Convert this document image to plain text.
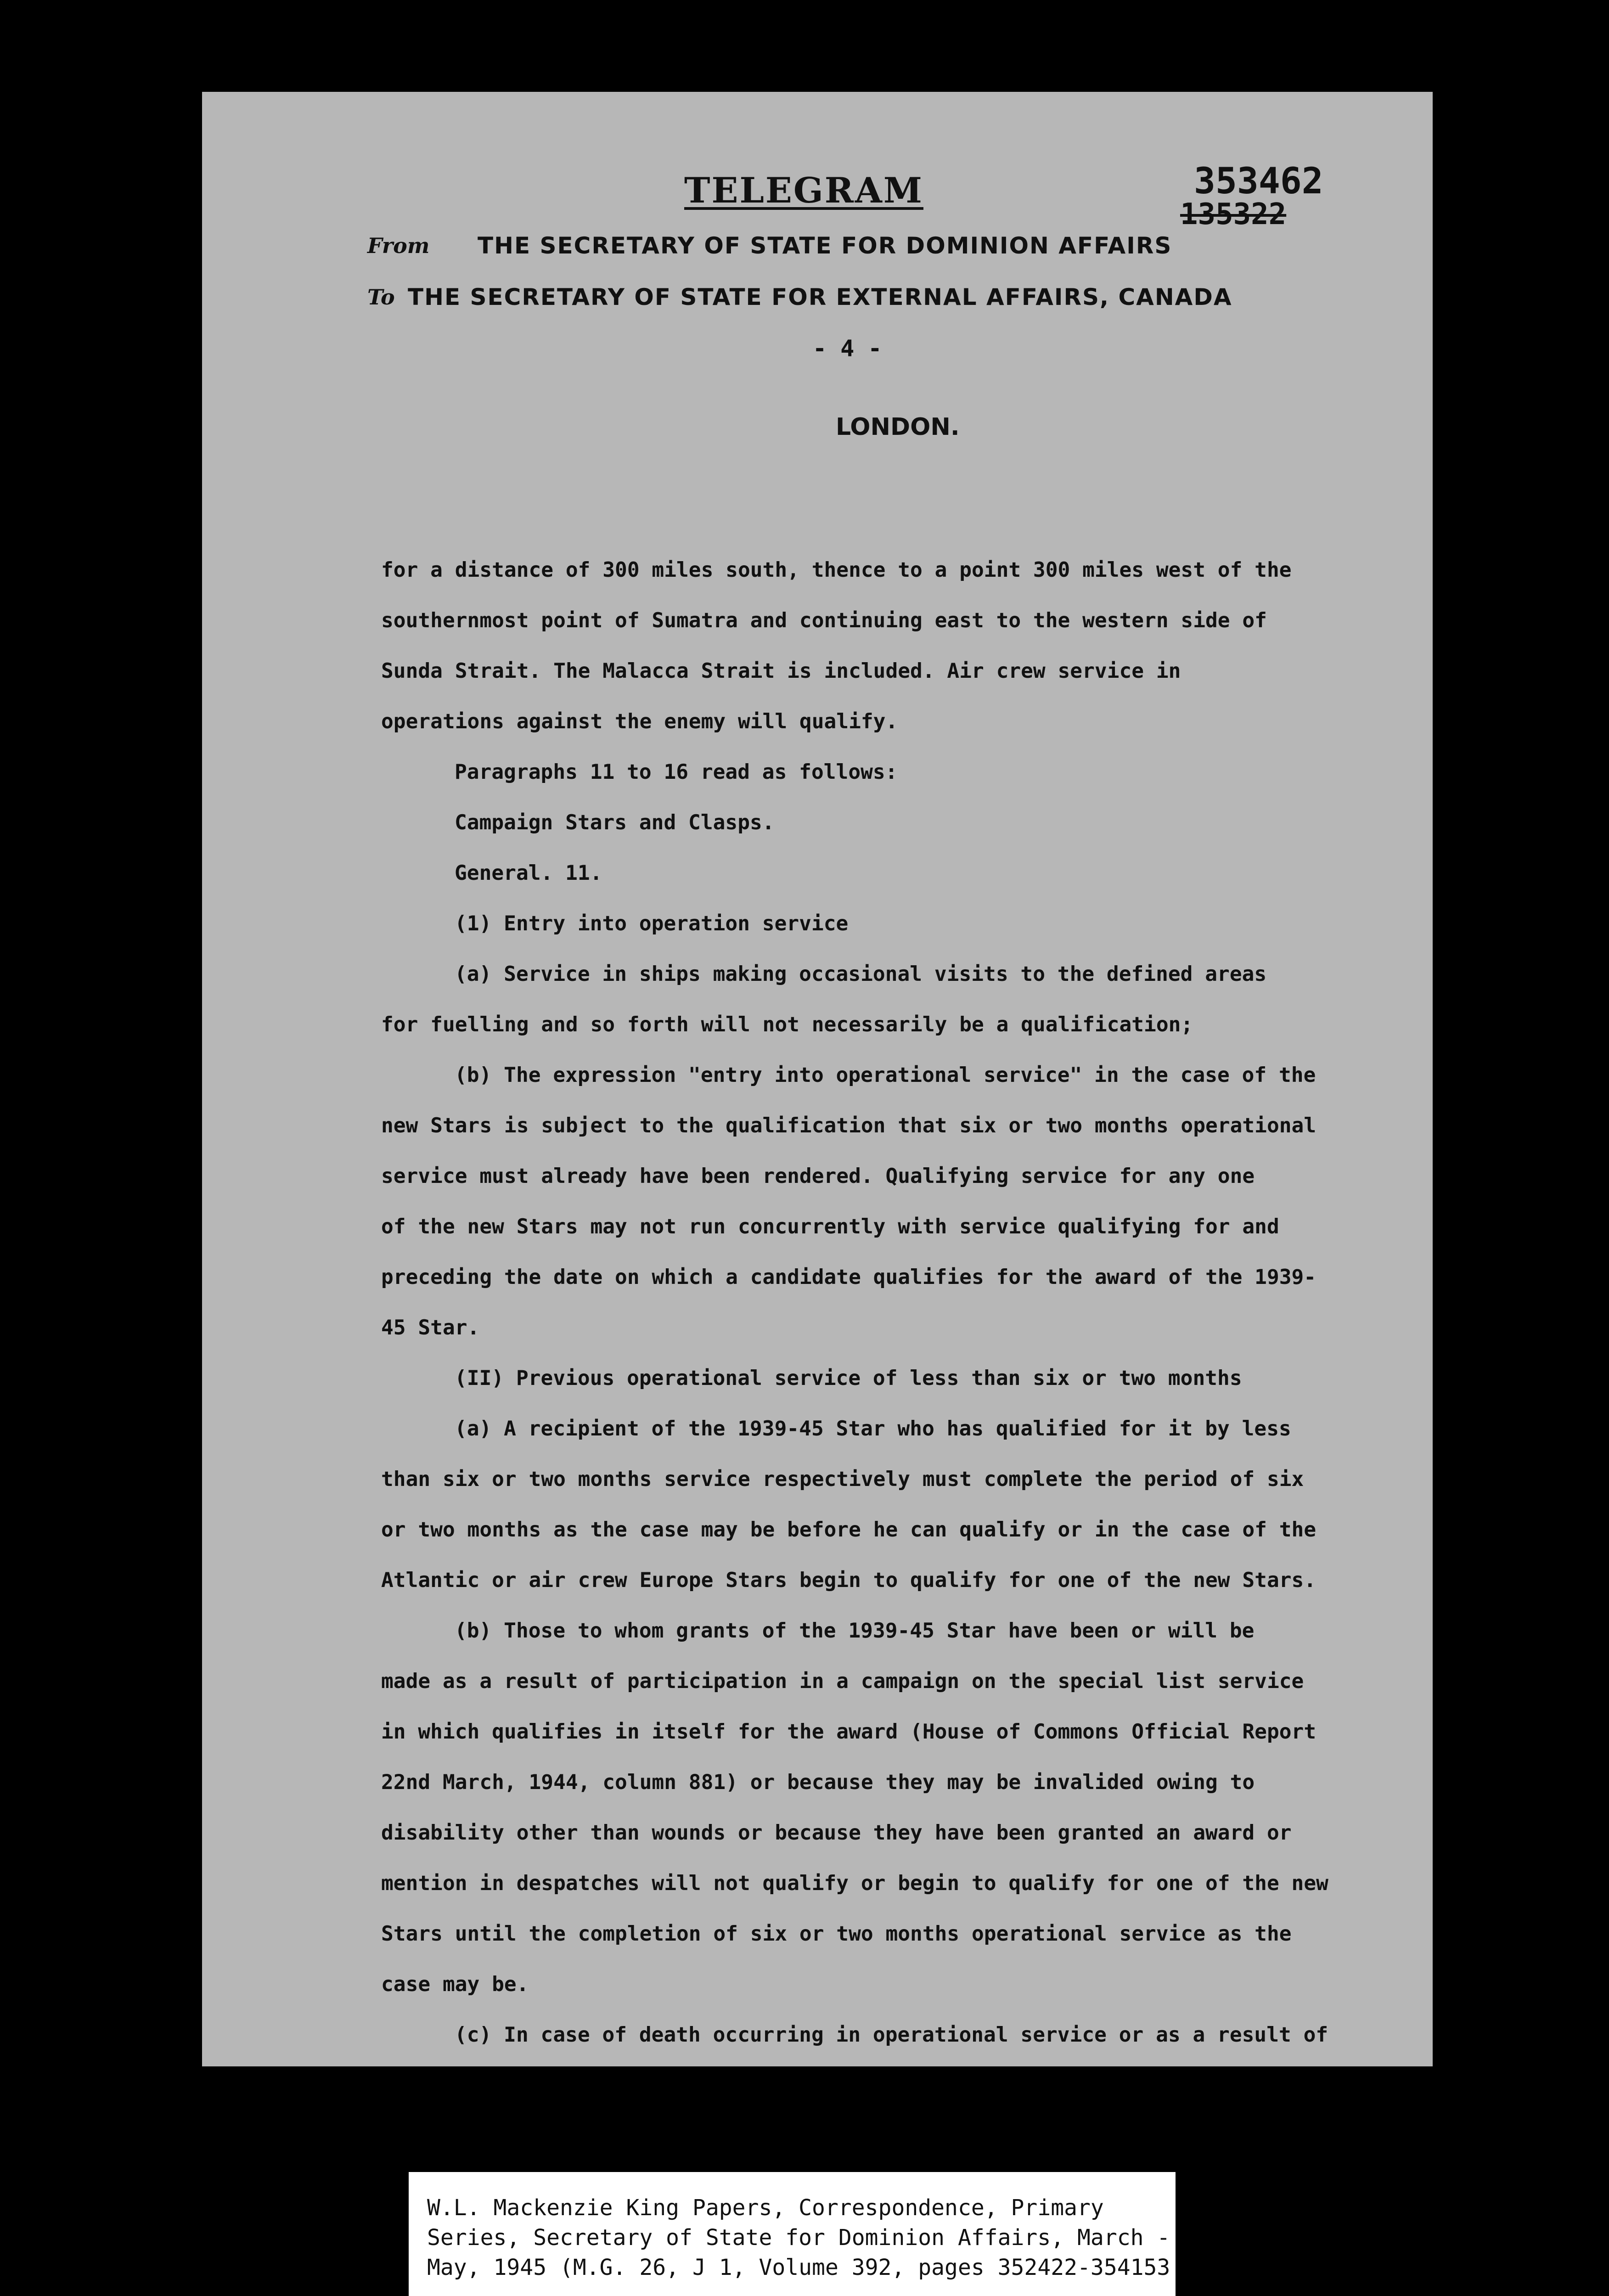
TELEGRAM	353462
135322
From THE SECRETARY OF STATE FOR DOMINION AFFAIRS
To THE SECRETARY OF STATE FOR EXTERNAL AFFAIRS, CANADA
- 4 -
LONDON.
for a distance of 300 miles south, thence to a point 300 miles west of the
southernmost point of Sumatra and continuing east to the western side of
Sunda Strait. The Malacca Strait is included. Air crew service in
operations against the enemy will qualify.
Paragraphs 11 to 16 read as follows:
Campaign Stars and Clasps.
General. 11.
(1) Entry into operation service
(a) Service in ships making occasional visits to the defined areas
for fuelling and so forth will not necessarily be a qualification;
(b) The expression "entry into operational service" in the case of the
new Stars is subject to the qualification that six or two months operational
service must already have been rendered. Qualifying service for any one
of the new Stars may not run concurrently with service qualifying for and
preceding the date on which a candidate qualifies for the award of the 1939-
45 Star.
(II) Previous operational service of less than six or two months
(a) A recipient of the 1939-45 Star who has qualified for it by less
than six or two months service respectively must complete the period of six
or two months as the case may be before he can qualify or in the case of the
Atlantic or air crew Europe Stars begin to qualify for one of the new Stars.
(b) Those to whom grants of the 1939-45 Star have been or will be
made as a result of participation in a campaign on the special list service
in which qualifies in itself for the award (House of Commons Official Report
22nd March, 1944, column 881) or because they may be invalided owing to
disability other than wounds or because they have been granted an award or
mention in despatches will not qualify or begin to qualify for one of the new
Stars until the completion of six or two months operational service as the
case may be.
(c) In case of death occurring in operational service or as a result of
W.L. Mackenzie King Papers, Correspondence, Primary
Series, Secretary of State for Dominion Affairs, March -
May, 1945 (M.G. 26, J 1, Volume 392, pages 352422-354153
